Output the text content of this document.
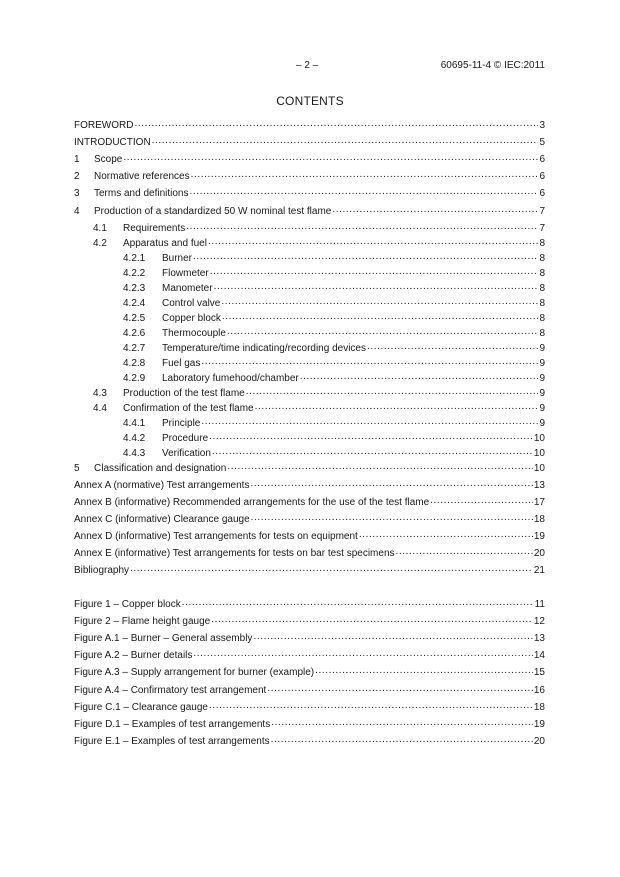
– 2 –	60695-11-4 © IEC:2011
CONTENTS
FOREWORD .....	3
INTRODUCTION .....	5
1	Scope .....	6
2	Normative references .....	6
3	Terms and definitions .....	6
4	Production of a standardized 50 W nominal test flame .....	7
4.1	Requirements .....	7
4.2	Apparatus and fuel .....	8
4.2.1	Burner .....	8
4.2.2	Flowmeter .....	8
4.2.3	Manometer .....	8
4.2.4	Control valve .....	8
4.2.5	Copper block .....	8
4.2.6	Thermocouple .....	8
4.2.7	Temperature/time indicating/recording devices .....	9
4.2.8	Fuel gas .....	9
4.2.9	Laboratory fumehood/chamber .....	9
4.3	Production of the test flame .....	9
4.4	Confirmation of the test flame .....	9
4.4.1	Principle .....	9
4.4.2	Procedure .....	10
4.4.3	Verification .....	10
5	Classification and designation .....	10
Annex A (normative) Test arrangements .....	13
Annex B (informative) Recommended arrangements for the use of the test flame .....	17
Annex C (informative) Clearance gauge .....	18
Annex D (informative) Test arrangements for tests on equipment .....	19
Annex E (informative) Test arrangements for tests on bar test specimens .....	20
Bibliography .....	21
Figure 1 – Copper block .....	11
Figure 2 – Flame height gauge .....	12
Figure A.1 – Burner – General assembly .....	13
Figure A.2 – Burner details .....	14
Figure A.3 – Supply arrangement for burner (example) .....	15
Figure A.4 – Confirmatory test arrangement .....	16
Figure C.1 – Clearance gauge .....	18
Figure D.1 – Examples of test arrangements .....	19
Figure E.1 – Examples of test arrangements .....	20
